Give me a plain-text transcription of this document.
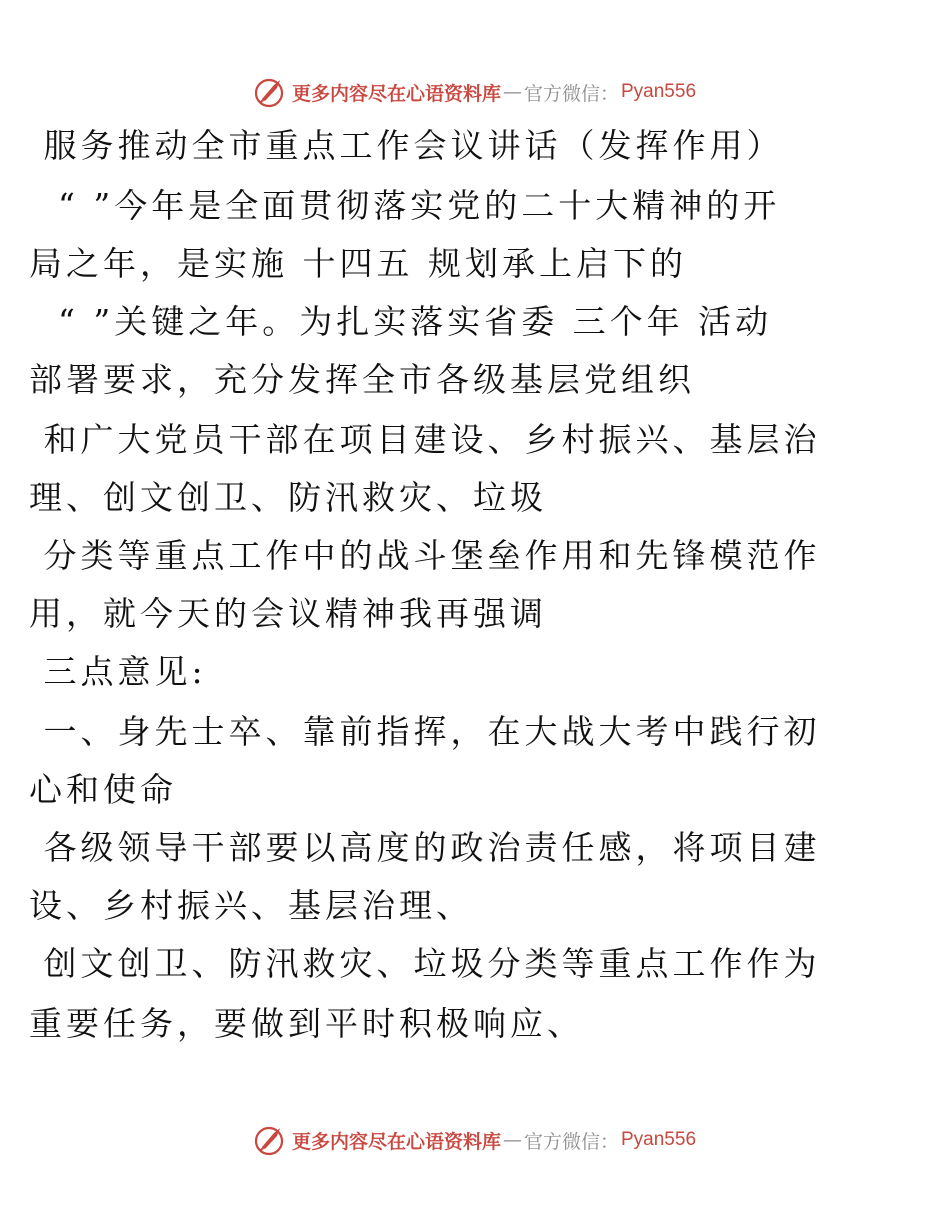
更多内容尽在心语资料库 — 官方微信： Pyan556
服务推动全市重点工作会议讲话（发挥作用）
“ ”今年是全面贯彻落实党的二十大精神的开
局之年，是实施 十四五 规划承上启下的
“ ”关键之年。为扎实落实省委 三个年 活动
部署要求，充分发挥全市各级基层党组织
和广大党员干部在项目建设、乡村振兴、基层治
理、创文创卫、防汛救灾、垃圾
分类等重点工作中的战斗堡垒作用和先锋模范作
用，就今天的会议精神我再强调
三点意见:
一、身先士卒、靠前指挥，在大战大考中践行初
心和使命
各级领导干部要以高度的政治责任感，将项目建
设、乡村振兴、基层治理、
创文创卫、防汛救灾、垃圾分类等重点工作作为
重要任务，要做到平时积极响应、
更多内容尽在心语资料库 — 官方微信： Pyan556
